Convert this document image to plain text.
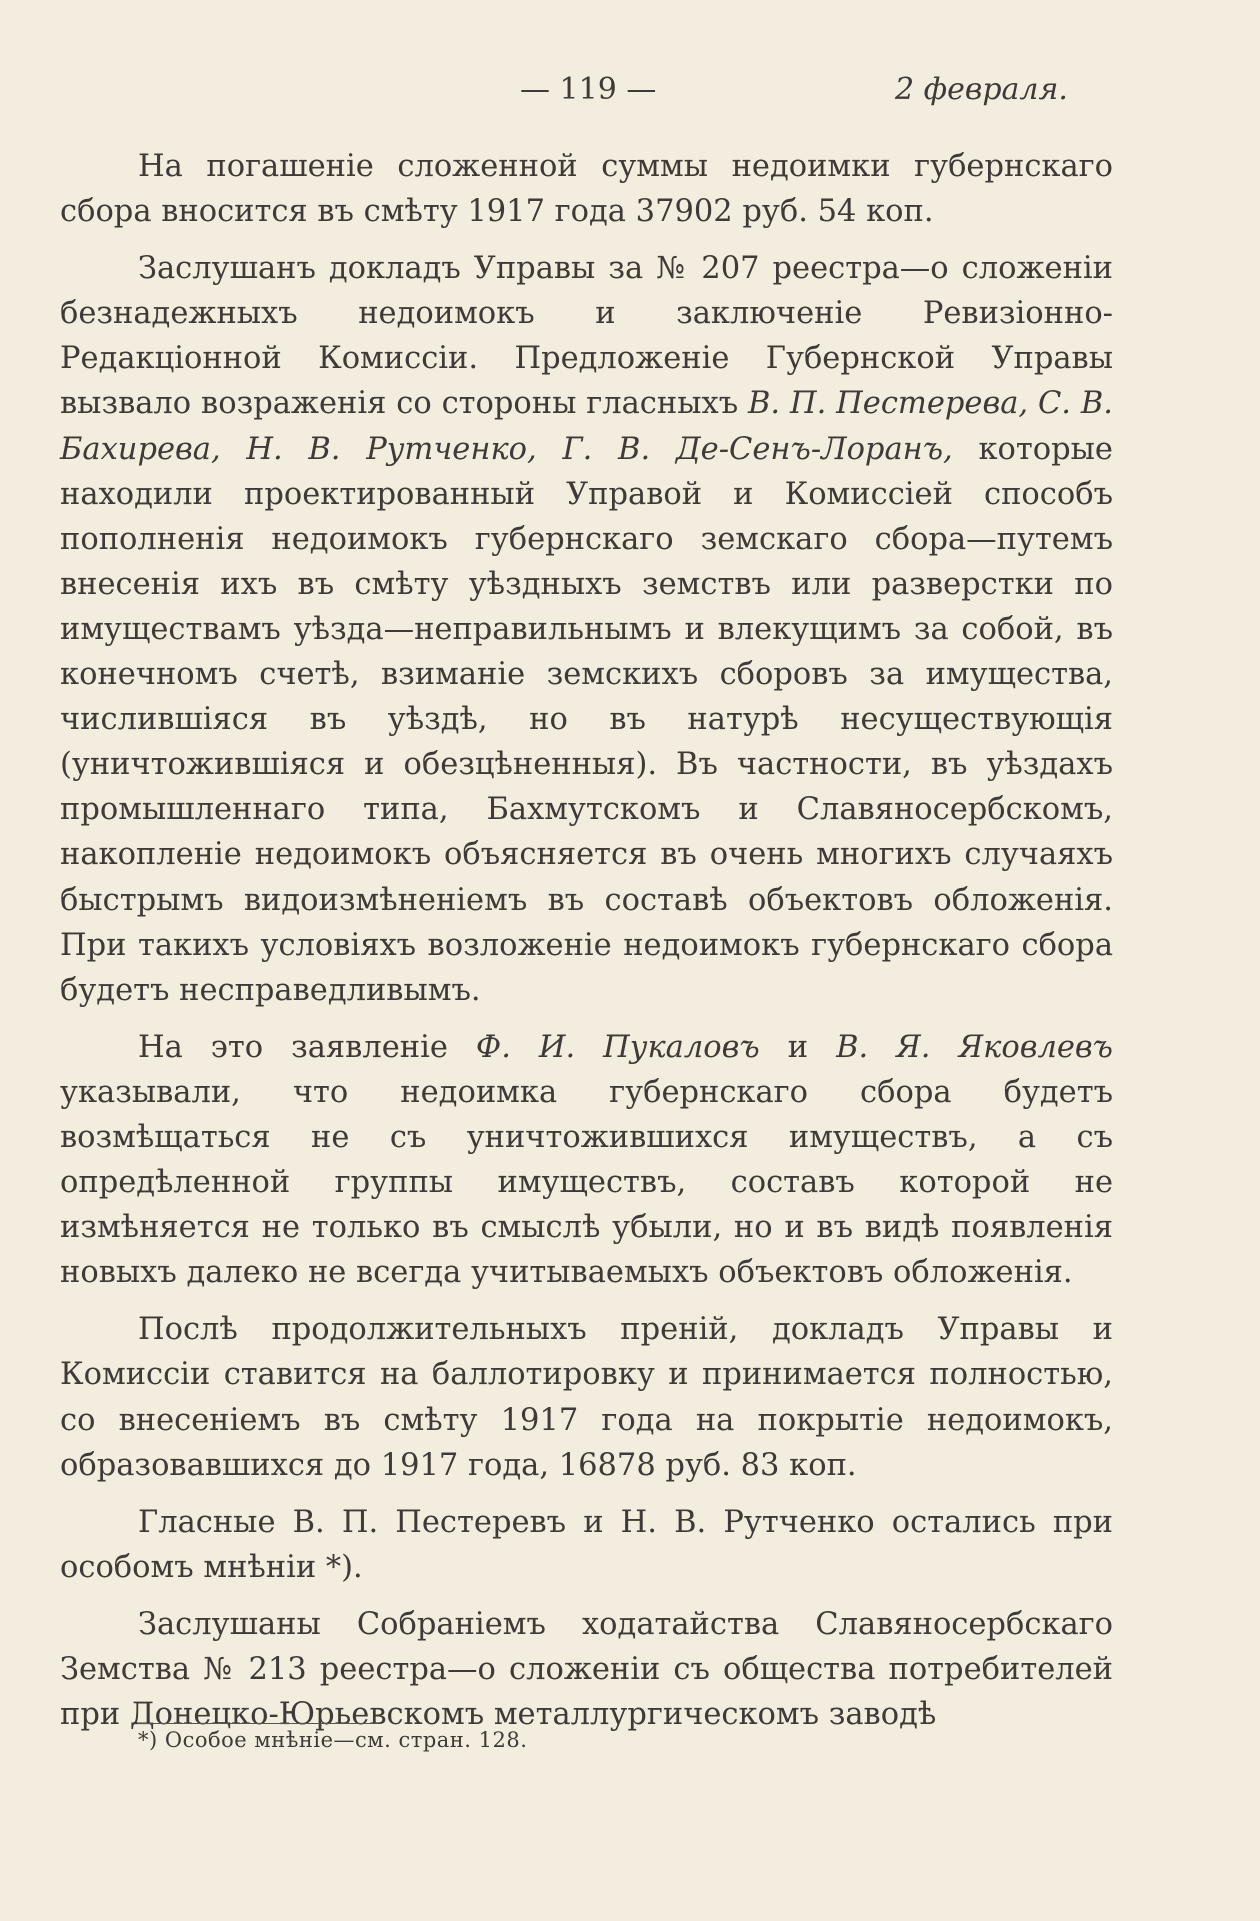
— 119 —	2 февраля.

На погашеніе сложенной суммы недоимки губернскаго сбора вносится въ смѣту 1917 года 37902 руб. 54 коп.

Заслушанъ докладъ Управы за № 207 реестра—о сложеніи безнадежныхъ недоимокъ и заключеніе Ревизіонно-Редакціонной Комиссіи. Предложеніе Губернской Управы вызвало возраженія со стороны гласныхъ В. П. Пестерева, С. В. Бахирева, Н. В. Рутченко, Г. В. Де-Сенъ-Лоранъ, которые находили проектированный Управой и Комиссіей способъ пополненія недоимокъ губернскаго земскаго сбора—путемъ внесенія ихъ въ смѣту уѣздныхъ земствъ или разверстки по имуществамъ уѣзда—неправильнымъ и влекущимъ за собой, въ конечномъ счетѣ, взиманіе земскихъ сборовъ за имущества, числившіяся въ уѣздѣ, но въ натурѣ несуществующія (уничтожившіяся и обезцѣненныя). Въ частности, въ уѣздахъ промышленнаго типа, Бахмутскомъ и Славяносербскомъ, накопленіе недоимокъ объясняется въ очень многихъ случаяхъ быстрымъ видоизмѣненіемъ въ составѣ объектовъ обложенія. При такихъ условіяхъ возложеніе недоимокъ губернскаго сбора будетъ несправедливымъ.

На это заявленіе Ф. И. Пукаловъ и В. Я. Яковлевъ указывали, что недоимка губернскаго сбора будетъ возмѣщаться не съ уничтожившихся имуществъ, а съ опредѣленной группы имуществъ, составъ которой не измѣняется не только въ смыслѣ убыли, но и въ видѣ появленія новыхъ далеко не всегда учитываемыхъ объектовъ обложенія.

Послѣ продолжительныхъ преній, докладъ Управы и Комиссіи ставится на баллотировку и принимается полностью, со внесеніемъ въ смѣту 1917 года на покрытіе недоимокъ, образовавшихся до 1917 года, 16878 руб. 83 коп.

Гласные В. П. Пестеревъ и Н. В. Рутченко остались при особомъ мнѣніи *).

Заслушаны Собраніемъ ходатайства Славяносербскаго Земства № 213 реестра—о сложеніи съ общества потребителей при Донецко-Юрьевскомъ металлургическомъ заводѣ

*) Особое мнѣніе—см. стран. 128.
